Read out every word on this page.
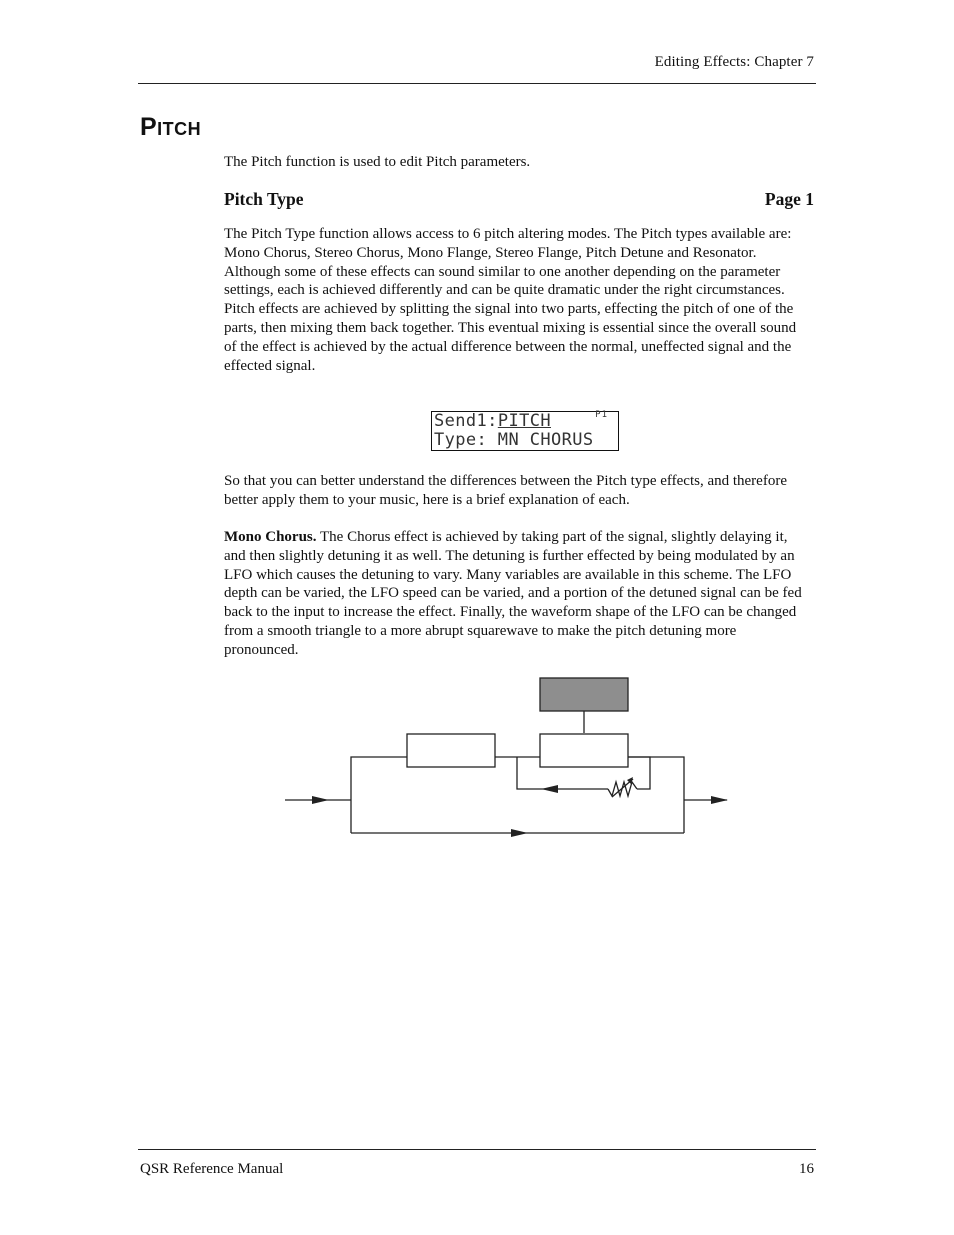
Editing Effects: Chapter 7
Pitch

The Pitch function is used to edit Pitch parameters.

Pitch Type	Page 1

The Pitch Type function allows access to 6 pitch altering modes. The Pitch types available are: Mono Chorus, Stereo Chorus, Mono Flange, Stereo Flange, Pitch Detune and Resonator. Although some of these effects can sound similar to one another depending on the parameter settings, each is achieved differently and can be quite dramatic under the right circumstances. Pitch effects are achieved by splitting the signal into two parts, effecting the pitch of one of the parts, then mixing them back together. This eventual mixing is essential since the overall sound of the effect is achieved by the actual difference between the normal, uneffected signal and the effected signal.

Send1:PITCH
Type: MN CHORUS
P1

So that you can better understand the differences between the Pitch type effects, and therefore better apply them to your music, here is a brief explanation of each.

Mono Chorus. The Chorus effect is achieved by taking part of the signal, slightly delaying it, and then slightly detuning it as well. The detuning is further effected by being modulated by an LFO which causes the detuning to vary. Many variables are available in this scheme. The LFO depth can be varied, the LFO speed can be varied, and a portion of the detuned signal can be fed back to the input to increase the effect. Finally, the waveform shape of the LFO can be changed from a smooth triangle to a more abrupt squarewave to make the pitch detuning more pronounced.

QSR Reference Manual	16
